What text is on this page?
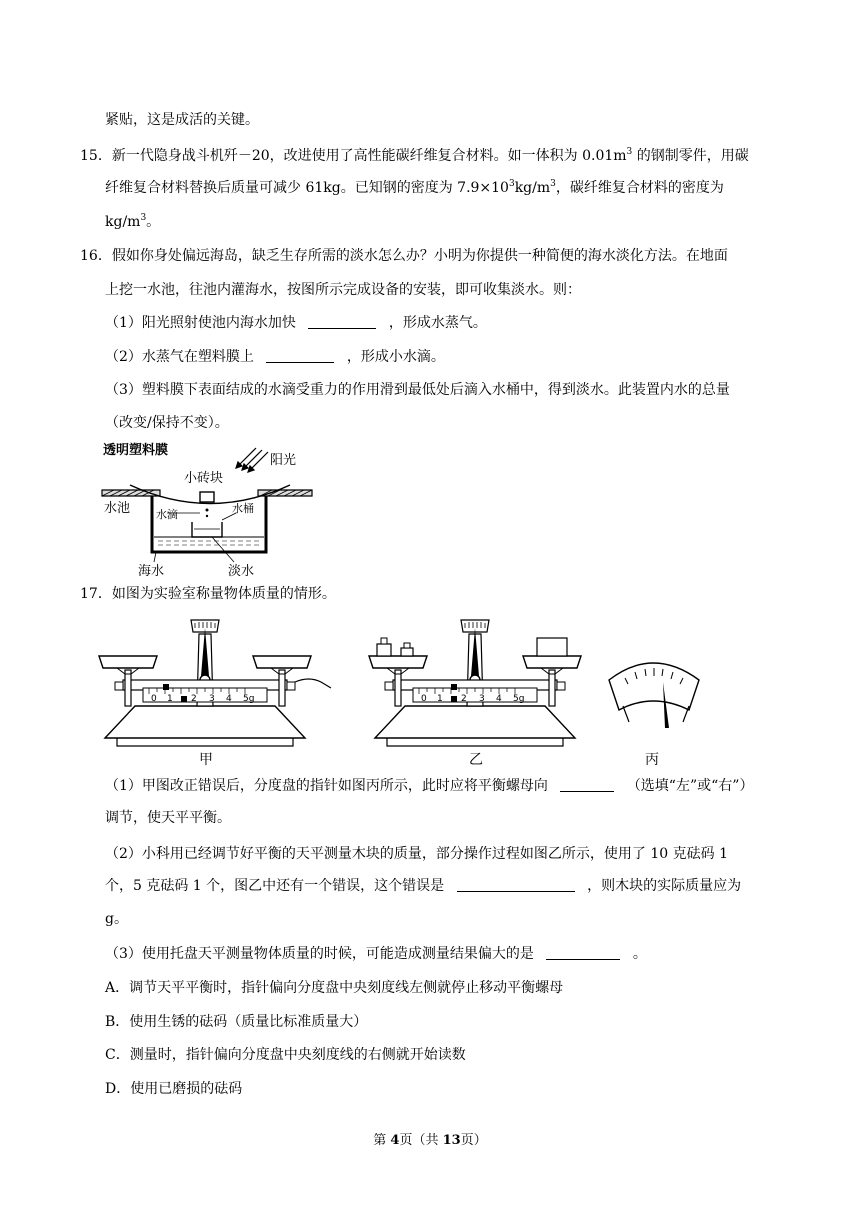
紧贴，这是成活的关键。
15．新一代隐身战斗机歼－20，改进使用了高性能碳纤维复合材料。如一体积为 $0.01m^3$ 的钢制零件，用碳
纤维复合材料替换后质量可减少 61kg。已知钢的密度为 $7.9\times 10^3kg/m^3$，碳纤维复合材料的密度为
$kg/m^3$。
16．假如你身处偏远海岛，缺乏生存所需的淡水怎么办？小明为你提供一种简便的海水淡化方法。在地面
上挖一水池，往池内灌海水，按图所示完成设备的安装，即可收集淡水。则：
（1）阳光照射使池内海水加快	，形成水蒸气。
（2）水蒸气在塑料膜上	，形成小水滴。
（3）塑料膜下表面结成的水滴受重力的作用滑到最低处后滴入水桶中，得到淡水。此装置内水的总量
（改变/保持不变）。
透明塑料膜
小砖块
阳光
水池 水滴	水桶
海水	淡水
17．如图为实验室称量物体质量的情形。
0 1 2 3 4 5g
甲
0 1 2 3 4 5g
乙	丙
（1）甲图改正错误后，分度盘的指针如图丙所示，此时应将平衡螺母向	（选填“左”或“右”）
调节，使天平平衡。
（2）小科用已经调节好平衡的天平测量木块的质量，部分操作过程如图乙所示，使用了 10 克砝码 1
个，5 克砝码 1 个，图乙中还有一个错误，这个错误是	，则木块的实际质量应为
g。
（3）使用托盘天平测量物体质量的时候，可能造成测量结果偏大的是	。
A．调节天平平衡时，指针偏向分度盘中央刻度线左侧就停止移动平衡螺母
B．使用生锈的砝码（质量比标准质量大）
C．测量时，指针偏向分度盘中央刻度线的右侧就开始读数
D．使用已磨损的砝码
第 4页（共 13页）
